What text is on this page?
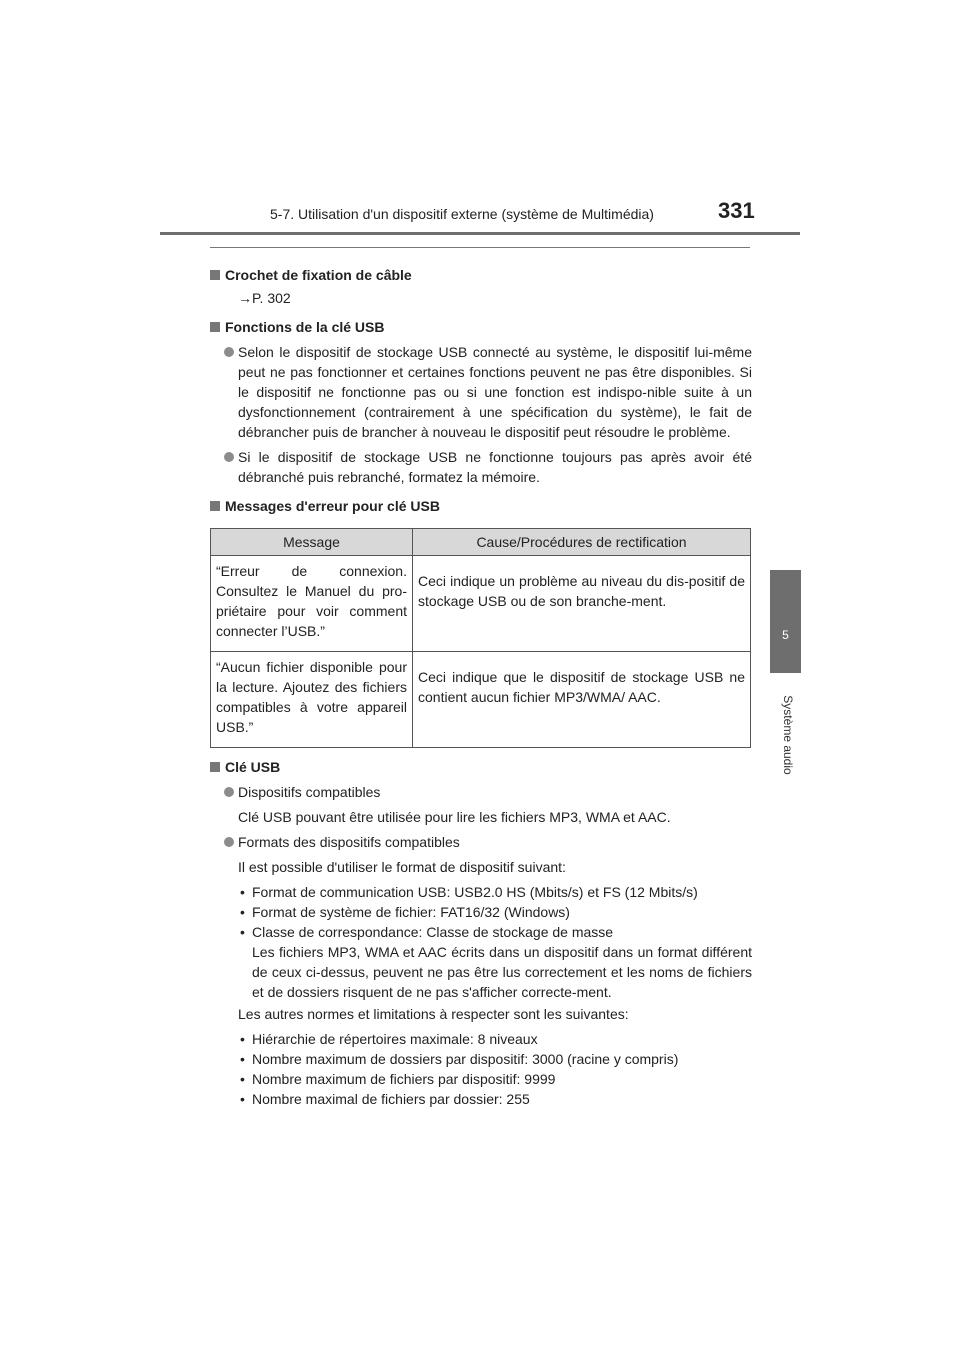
5-7. Utilisation d'un dispositif externe (système de Multimédia)	331
5
Système audio
Crochet de fixation de câble
→P. 302
Fonctions de la clé USB
Selon le dispositif de stockage USB connecté au système, le dispositif lui-même peut ne pas fonctionner et certaines fonctions peuvent ne pas être disponibles. Si le dispositif ne fonctionne pas ou si une fonction est indispo-nible suite à un dysfonctionnement (contrairement à une spécification du système), le fait de débrancher puis de brancher à nouveau le dispositif peut résoudre le problème.
Si le dispositif de stockage USB ne fonctionne toujours pas après avoir été débranché puis rebranché, formatez la mémoire.
Messages d'erreur pour clé USB
Message	Cause/Procédures de rectification
“Erreur de connexion. Consultez le Manuel du pro-priétaire pour voir comment connecter l’USB.”	Ceci indique un problème au niveau du dis-positif de stockage USB ou de son branche-ment.

“Aucun fichier disponible pour la lecture. Ajoutez des fichiers compatibles à votre appareil USB.”	Ceci indique que le dispositif de stockage USB ne contient aucun fichier MP3/WMA/ AAC.
Clé USB
Dispositifs compatibles
Clé USB pouvant être utilisée pour lire les fichiers MP3, WMA et AAC.
Formats des dispositifs compatibles
Il est possible d'utiliser le format de dispositif suivant:
• Format de communication USB: USB2.0 HS (Mbits/s) et FS (12 Mbits/s)
• Format de système de fichier: FAT16/32 (Windows)
• Classe de correspondance: Classe de stockage de masse
Les fichiers MP3, WMA et AAC écrits dans un dispositif dans un format différent de ceux ci-dessus, peuvent ne pas être lus correctement et les noms de fichiers et de dossiers risquent de ne pas s'afficher correcte-ment.
Les autres normes et limitations à respecter sont les suivantes:
• Hiérarchie de répertoires maximale: 8 niveaux
• Nombre maximum de dossiers par dispositif: 3000 (racine y compris)
• Nombre maximum de fichiers par dispositif: 9999
• Nombre maximal de fichiers par dossier: 255
